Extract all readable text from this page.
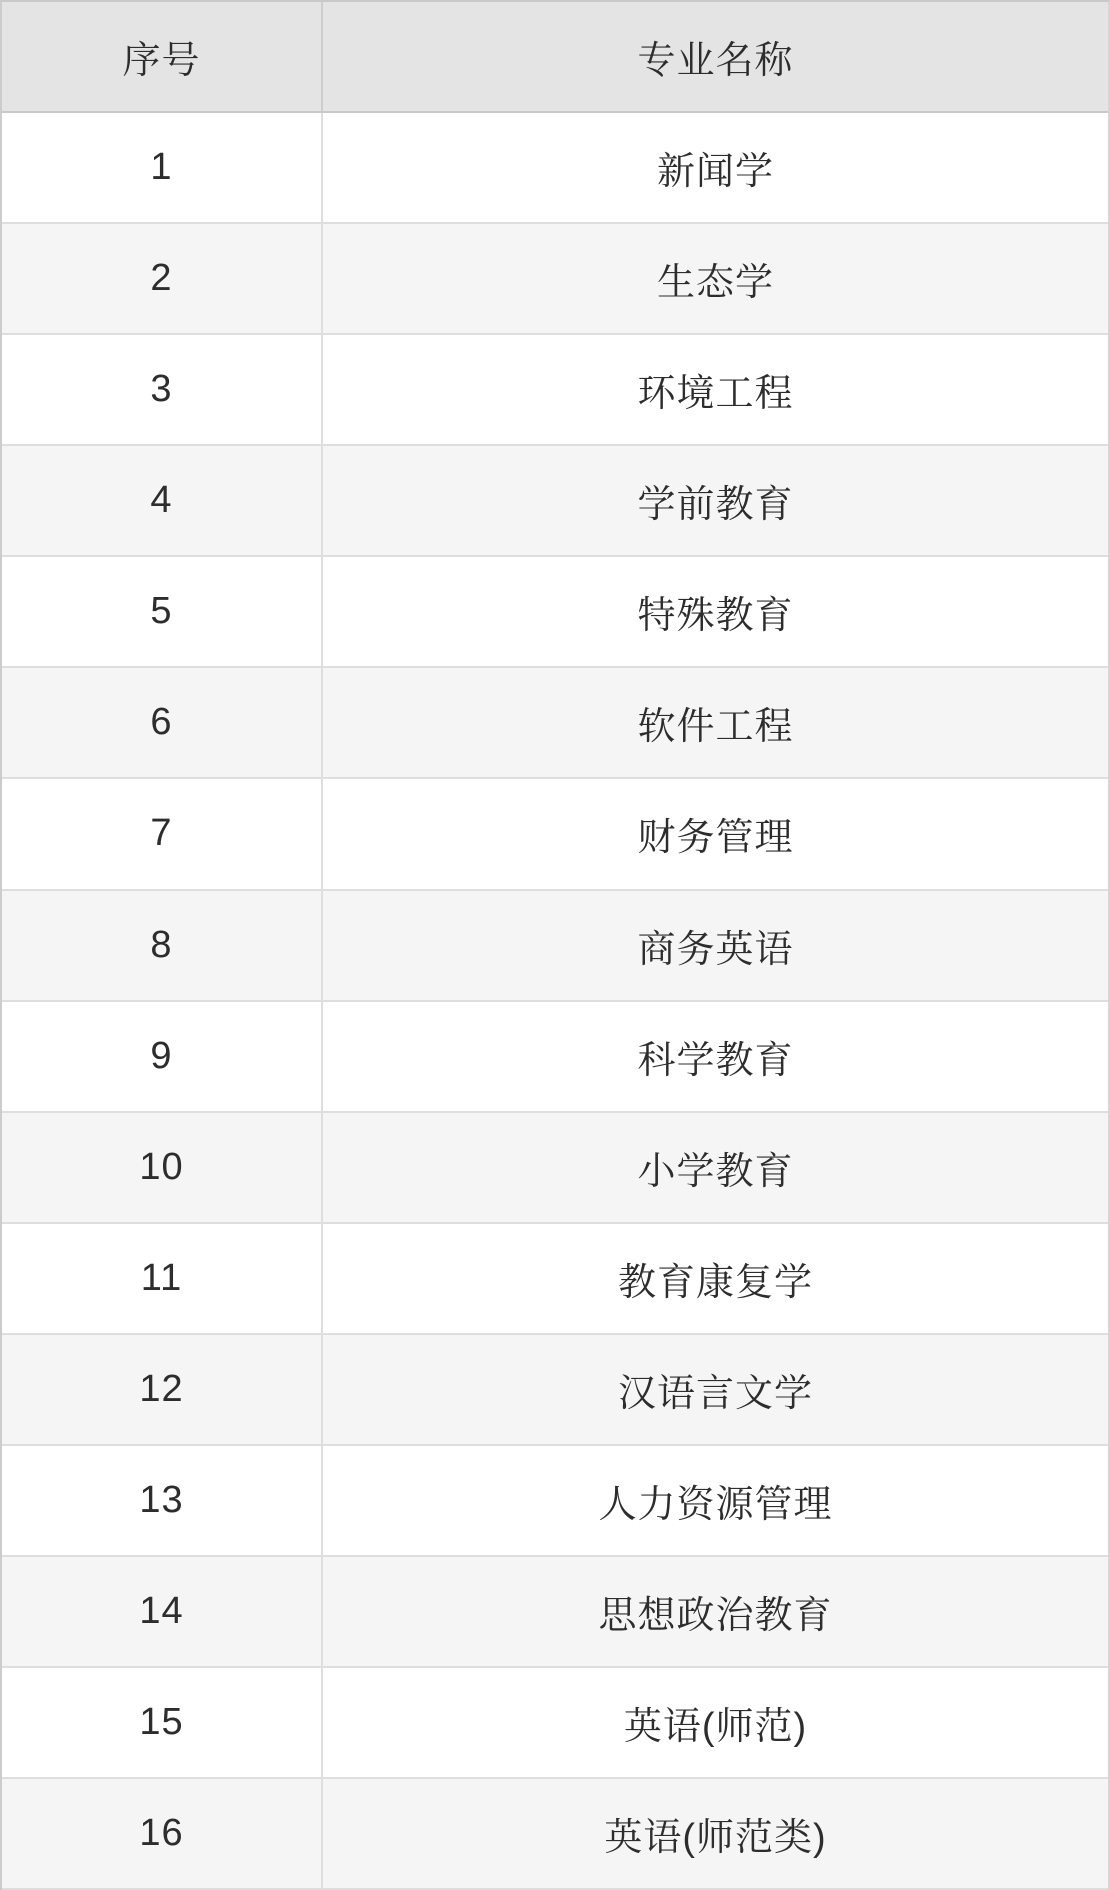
序号	专业名称
1	新闻学
2	生态学
3	环境工程
4	学前教育
5	特殊教育
6	软件工程
7	财务管理
8	商务英语
9	科学教育
10	小学教育
11	教育康复学
12	汉语言文学
13	人力资源管理
14	思想政治教育
15	英语(师范)
16	英语(师范类)
